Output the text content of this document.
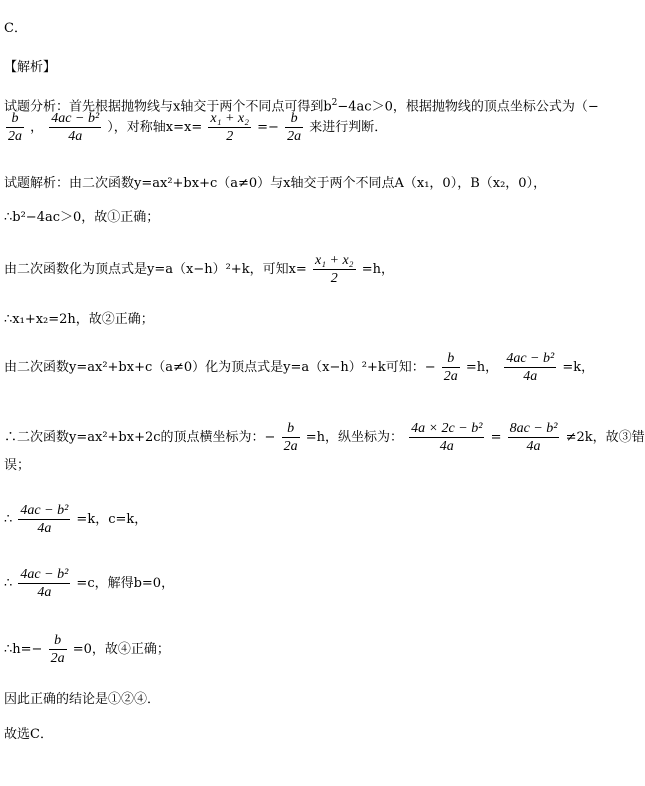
C．
【解析】
试题分析：首先根据抛物线与x轴交于两个不同点可得到$b^2-4ac>0$，根据抛物线的顶点坐标公式为（−
$\frac{b}{2a}$ ， $\frac{\text{4ac − b²}}{4a}$ ），对称轴$x=x= \frac{\text{x₁ + x₂}}{2} =- \frac{b}{2a}$ 来进行判断．
试题解析：由二次函数y=ax²+bx+c（a≠0）与x轴交于两个不同点A（x₁，0），B（x₂，0），
∴b²−4ac＞0，故①正确；
由二次函数化为顶点式是y=a（x−h）²+k，可知$x= \frac{\text{x₁ + x₂}}{2} =h$，
∴x₁+x₂=2h，故②正确；
由二次函数y=ax²+bx+c（a≠0）化为顶点式是y=a（x−h）²+k可知：− $\frac{b}{2a} =h$， $\frac{\text{4ac − b²}}{4a} =k$，
∴二次函数y=ax²+bx+2c的顶点横坐标为：− $\frac{b}{2a} =h$，纵坐标为： $\frac{\text{4a × 2c − b²}}{4a} = \frac{\text{8ac − b²}}{4a} \ne 2k$，故③错
误；
∴ $\frac{\text{4ac − b²}}{4a} =k$，c=k，
∴ $\frac{\text{4ac − b²}}{4a} =c$，解得b=0，
∴h=− $\frac{b}{2a} =0$，故④正确；
因此正确的结论是①②④．
故选C．
